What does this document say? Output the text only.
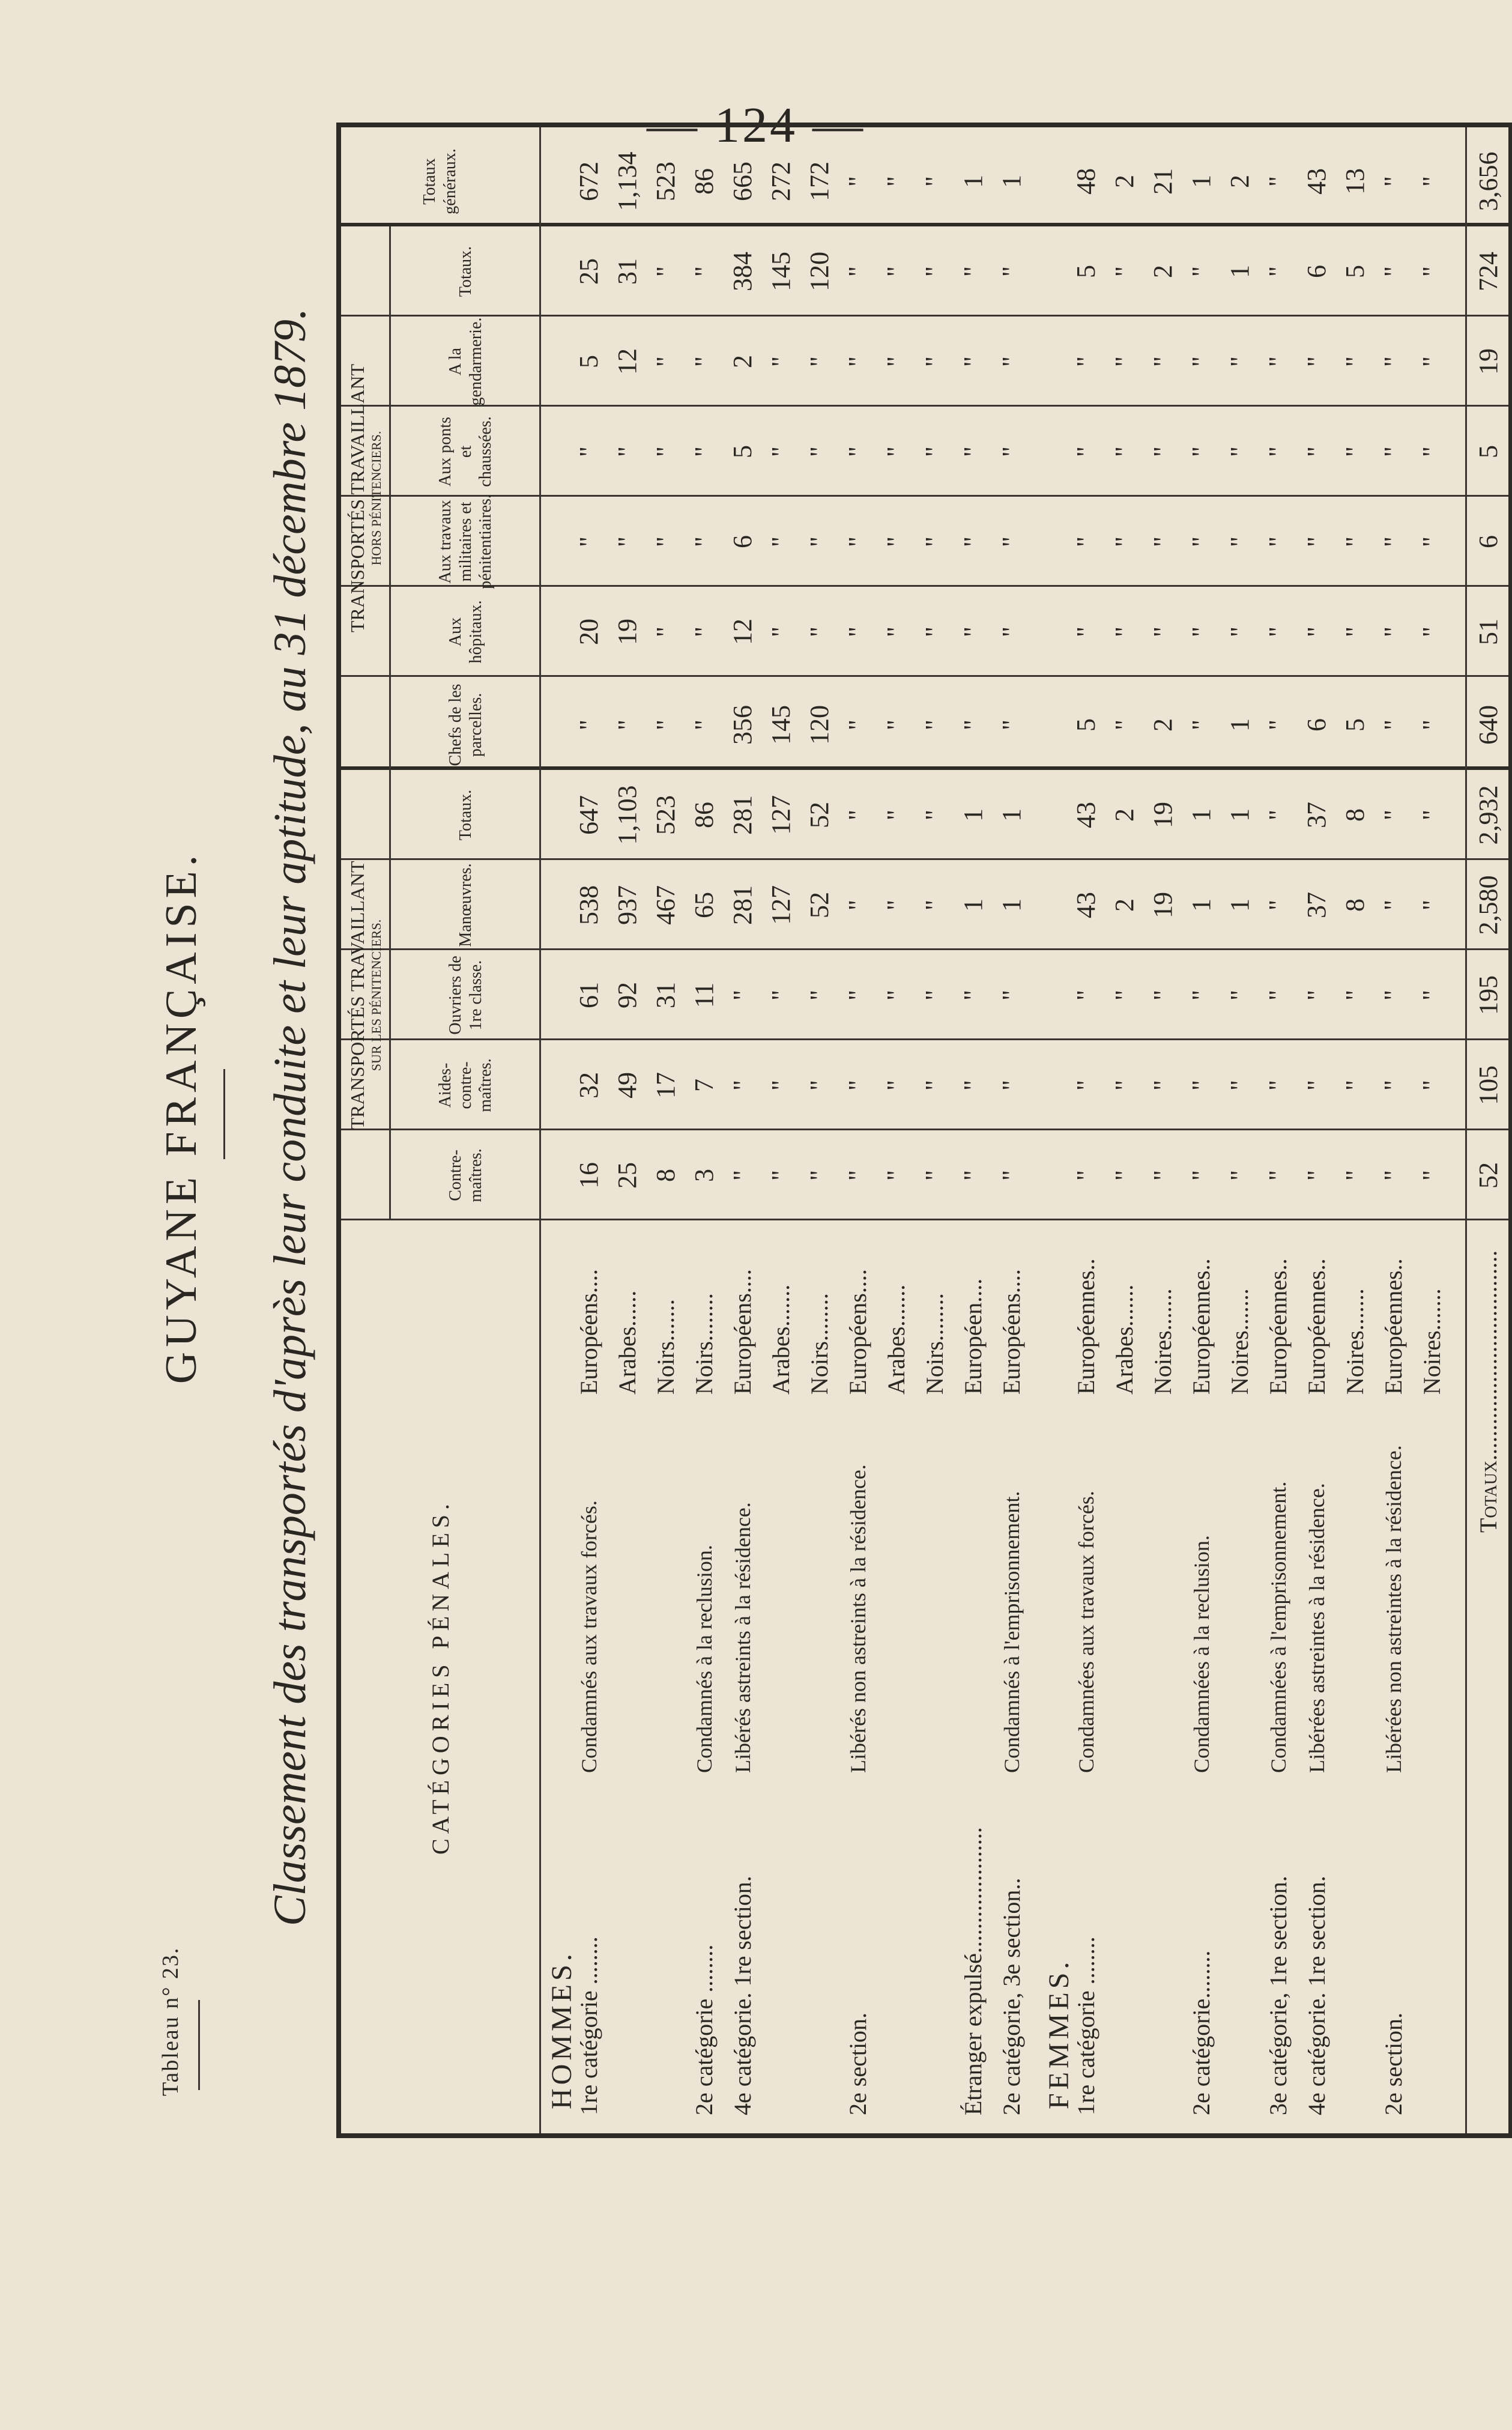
— 124 —
Tableau n° 23.
GUYANE FRANÇAISE. Classement des transportés d'après leur conduite et leur aptitude, au 31 décembre 1879.	CATÉGORIES PÉNALES.
TRANSPORTÉS TRAVAILLANT SUR LES PÉNITENCIERS.
TRANSPORTÉS TRAVAILLANT HORS PÉNITENCIERS.
Contre-maîtres.
Aides-contre-maîtres.
Ouvriers de 1re classe.
Manœuvres.
Totaux.
Chefs de les parcelles.
Aux hôpitaux.
Aux travaux militaires et pénitentiaires.
Aux ponts et chaussées.
A la gendarmerie.
Totaux.
Totaux généraux.
HOMMES.	FEMMES.
1re catégorie ........
Condamnés aux travaux forcés.
Européens....
16
32
61
538
647
"
20
"
"
5
25
672
Arabes......
25
49
92
937
1,103
"
19
"
"
12
31
1,134
Noirs.......
8
17
31
467
523
"
"
"
"
"
"
523
2e catégorie ........
Condamnés à la reclusion.
Noirs........
3
7
11
65
86
"
"
"
"
"
"
86
4e catégorie. 1re section.
Libérés astreints à la résidence.
Européens....
"
"
"
281
281
356
12
6
5
2
384
665
Arabes.......
"
"
"
127
127
145
"
"
"
"
145
272
Noirs........
"
"
"
52
52
120
"
"
"
"
120
172
2e section.
Libérés non astreints à la résidence.
Européens....
"
"
"
"
"
"
"
"
"
"
"
"
Arabes.......
"
"
"
"
"
"
"
"
"
"
"
"
Noirs........
"
"
"
"
"
"
"
"
"
"
"
"
Étranger expulsé.....................
Européen....
"
"
"
1
1
"
"
"
"
"
"
1
2e catégorie, 3e section..
Condamnés à l'emprisonnement.
Européens....
"
"
"
1
1
"
"
"
"
"
"
1
1re catégorie ........
Condamnées aux travaux forcés.
Européennes..
"
"
"
43
43
5
"
"
"
"
5
48
Arabes.......
"
"
"
2
2
"
"
"
"
"
"
2
Noires.......
"
"
"
19
19
2
"
"
"
"
2
21
2e catégorie........
Condamnées à la reclusion.
Européennes..
"
"
"
1
1
"
"
"
"
"
"
1
Noires.......
"
"
"
1
1
1
"
"
"
"
1
2
3e catégorie, 1re section.
Condamnées à l'emprisonnement.
Européennes..
"
"
"
"
"
"
"
"
"
"
"
"
4e catégorie. 1re section.
Libérées astreintes à la résidence.
Européennes..
"
"
"
37
37
6
"
"
"
"
6
43
Noires.......
"
"
"
8
8
5
"
"
"
"
5
13
2e section.
Libérées non astreintes à la résidence.
Européennes..
"
"
"
"
"
"
"
"
"
"
"
"
Noires.......
"
"
"
"
"
"
"
"
"
"
"
"
Totaux...................................
52
105
195
2,580
2,932
640
51
6
5
19
724
3,656
